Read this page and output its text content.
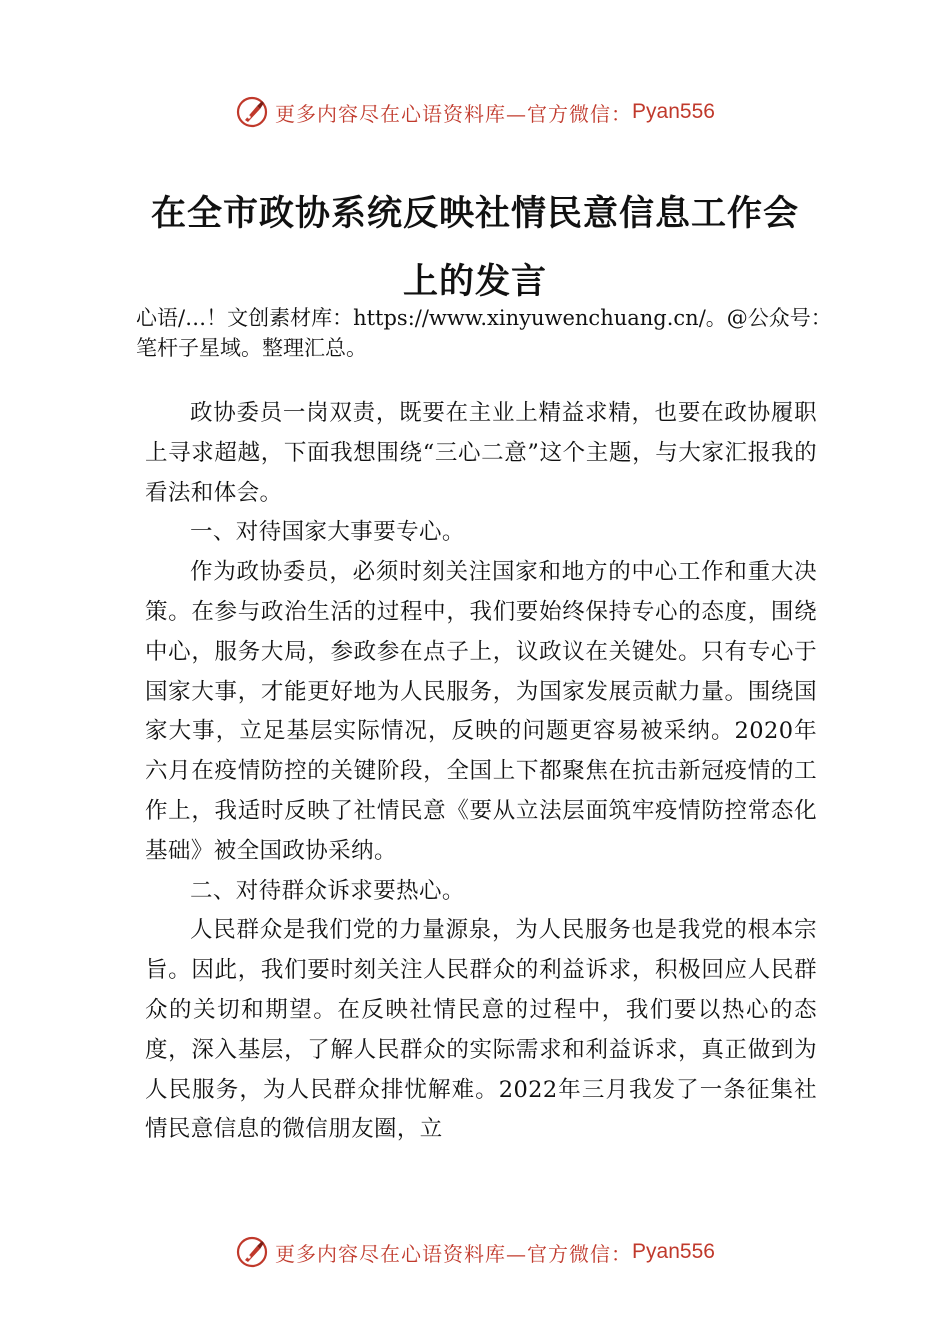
更多内容尽在心语资料库—官方微信： Pyan556
在全市政协系统反映社情民意信息工作会
上的发言

心语/…！文创素材库：https://www.xinyuwenchuang.cn/。@公众号：笔杆子星域。整理汇总。

政协委员一岗双责，既要在主业上精益求精，也要在政协履职上寻求超越，下面我想围绕“三心二意”这个主题，与大家汇报我的看法和体会。

一、对待国家大事要专心。

作为政协委员，必须时刻关注国家和地方的中心工作和重大决策。在参与政治生活的过程中，我们要始终保持专心的态度，围绕中心，服务大局，参政参在点子上，议政议在关键处。只有专心于国家大事，才能更好地为人民服务，为国家发展贡献力量。围绕国家大事，立足基层实际情况，反映的问题更容易被采纳。2020年六月在疫情防控的关键阶段，全国上下都聚焦在抗击新冠疫情的工作上，我适时反映了社情民意《要从立法层面筑牢疫情防控常态化基础》被全国政协采纳。

二、对待群众诉求要热心。

人民群众是我们党的力量源泉，为人民服务也是我党的根本宗旨。因此，我们要时刻关注人民群众的利益诉求，积极回应人民群众的关切和期望。在反映社情民意的过程中，我们要以热心的态度，深入基层，了解人民群众的实际需求和利益诉求，真正做到为人民服务，为人民群众排忧解难。2022年三月我发了一条征集社情民意信息的微信朋友圈，立

更多内容尽在心语资料库—官方微信： Pyan556
